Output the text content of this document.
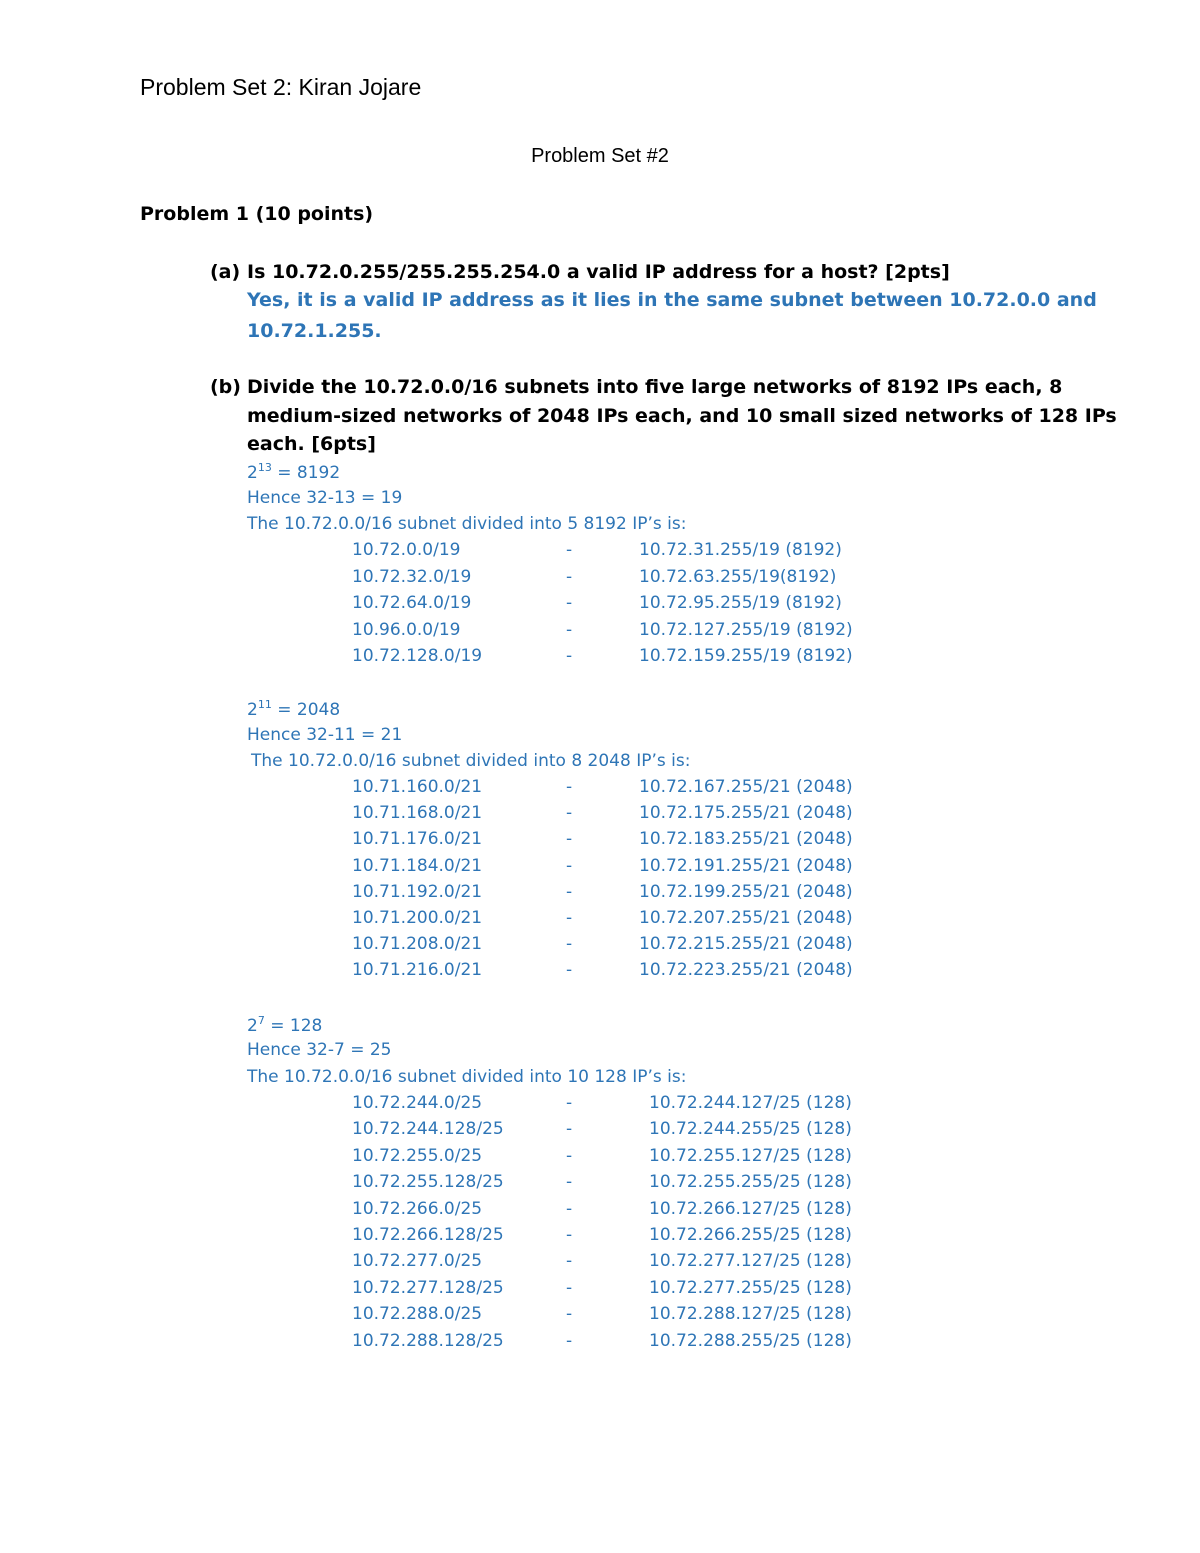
Problem Set 2: Kiran Jojare
Problem Set #2
Problem 1 (10 points)
(a) Is 10.72.0.255/255.255.254.0 a valid IP address for a host? [2pts]
Yes, it is a valid IP address as it lies in the same subnet between 10.72.0.0 and
10.72.1.255.
(b) Divide the 10.72.0.0/16 subnets into five large networks of 8192 IPs each, 8
medium-sized networks of 2048 IPs each, and 10 small sized networks of 128 IPs
each. [6pts]
$2^{13} = 8192$
Hence 32-13 = 19
The 10.72.0.0/16 subnet divided into 5 8192 IP’s is:
10.72.0.0/19	-	10.72.31.255/19 (8192)
10.72.32.0/19	-	10.72.63.255/19(8192)
10.72.64.0/19	-	10.72.95.255/19 (8192)
10.96.0.0/19	-	10.72.127.255/19 (8192)
10.72.128.0/19	-	10.72.159.255/19 (8192)
$2^{11} = 2048$
Hence 32-11 = 21
The 10.72.0.0/16 subnet divided into 8 2048 IP’s is:
10.71.160.0/21	-	10.72.167.255/21 (2048)
10.71.168.0/21	-	10.72.175.255/21 (2048)
10.71.176.0/21	-	10.72.183.255/21 (2048)
10.71.184.0/21	-	10.72.191.255/21 (2048)
10.71.192.0/21	-	10.72.199.255/21 (2048)
10.71.200.0/21	-	10.72.207.255/21 (2048)
10.71.208.0/21	-	10.72.215.255/21 (2048)
10.71.216.0/21	-	10.72.223.255/21 (2048)
$2^7 = 128$
Hence 32-7 = 25
The 10.72.0.0/16 subnet divided into 10 128 IP’s is:
10.72.244.0/25	-	10.72.244.127/25 (128)
10.72.244.128/25	-	10.72.244.255/25 (128)
10.72.255.0/25	-	10.72.255.127/25 (128)
10.72.255.128/25	-	10.72.255.255/25 (128)
10.72.266.0/25	-	10.72.266.127/25 (128)
10.72.266.128/25	-	10.72.266.255/25 (128)
10.72.277.0/25	-	10.72.277.127/25 (128)
10.72.277.128/25	-	10.72.277.255/25 (128)
10.72.288.0/25	-	10.72.288.127/25 (128)
10.72.288.128/25	-	10.72.288.255/25 (128)
